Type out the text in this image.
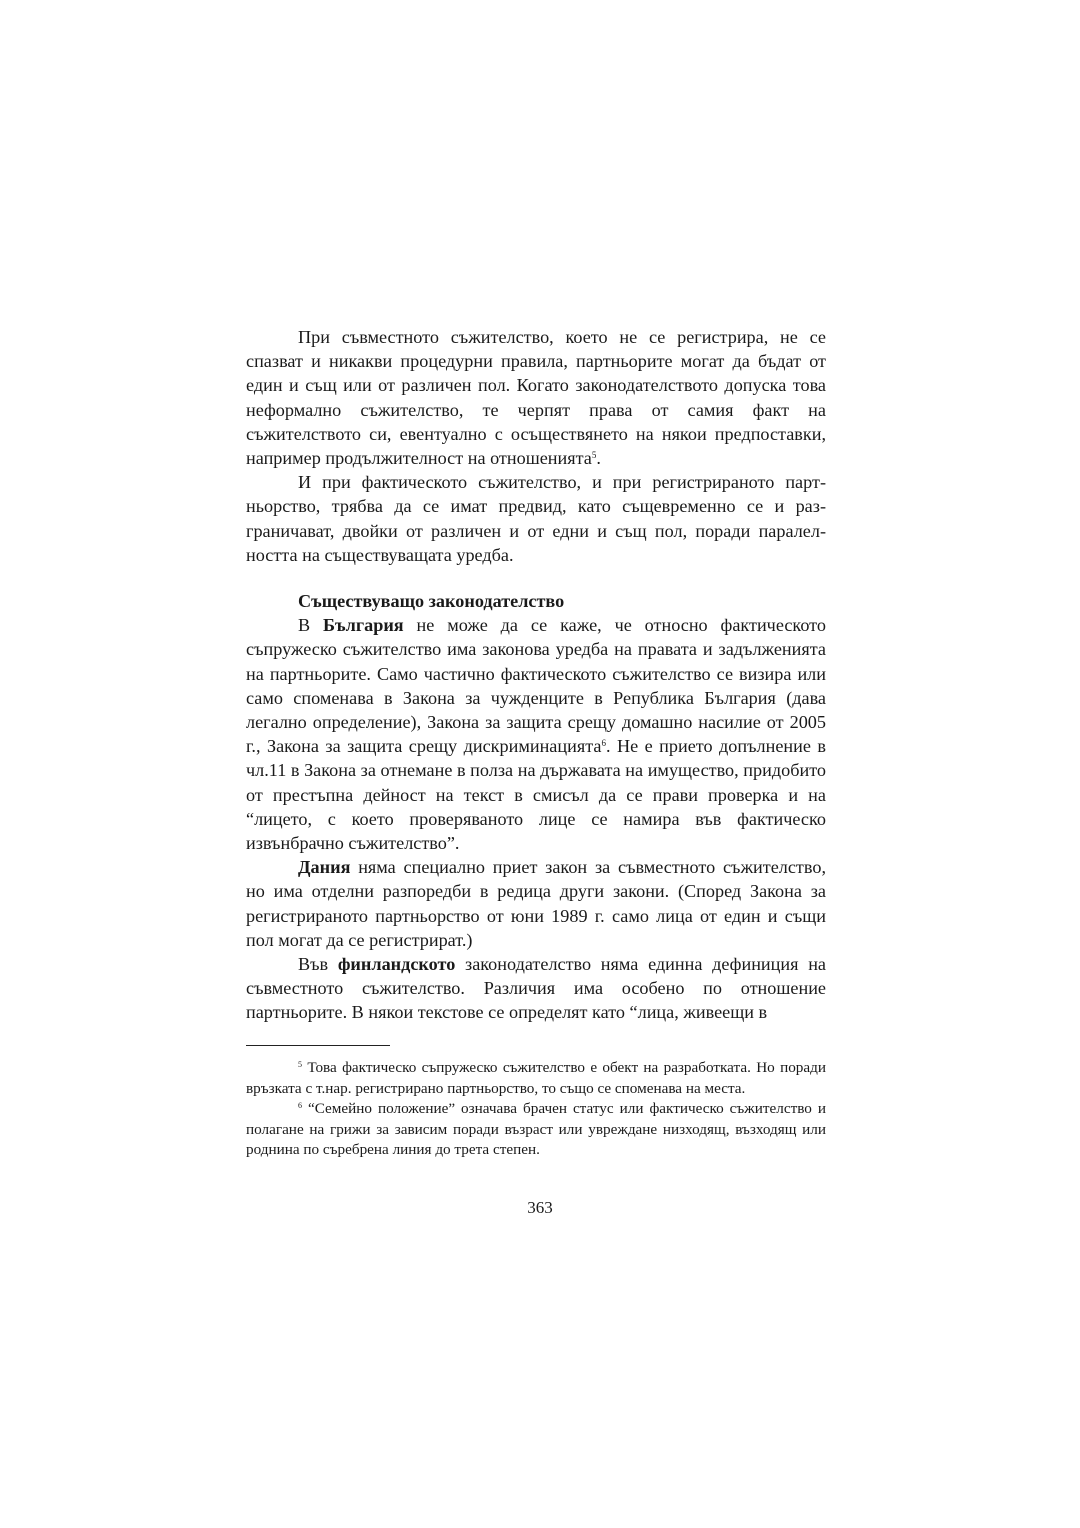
При съвместното съжителство, което не се регистрира, не се спазват и никакви процедурни правила, партньорите могат да бъдат от един и същ или от различен пол. Когато законодателството допуска това неформално съжителство, те черпят права от самия факт на съжителството си, евентуално с осъществянето на някои предпоставки, например продължителност на отношенията$^5$.

И при фактическото съжителство, и при регистрираното партньорство, трябва да се имат предвид, като същевременно се и разграничават, двойки от различен и от едни и същ пол, поради паралелността на съществуващата уредба.

Съществуващо законодателство

В България не може да се каже, че относно фактическото съпружеско съжителство има законова уредба на правата и задълженията на партньорите. Само частично фактическото съжителство се визира или само споменава в Закона за чужденците в Република България (дава легално определение), Закона за защита срещу домашно насилие от 2005 г., Закона за защита срещу дискриминацията$^6$. Не е прието допълнение в чл.11 в Закона за отнемане в полза на държавата на имущество, придобито от престъпна дейност на текст в смисъл да се прави проверка и на “лицето, с което проверяваното лице се намира във фактическо извънбрачно съжителство”.

Дания няма специално приет закон за съвместното съжителство, но има отделни разпоредби в редица други закони. (Според Закона за регистрираното партньорство от юни 1989 г. само лица от един и същи пол могат да се регистрират.)

Във финландското законодателство няма единна дефиниция на съвместното съжителство. Различия има особено по отношение партньорите. В някои текстове се определят като “лица, живеещи в

$^5$ Това фактическо съпружеско съжителство е обект на разработката. Но поради връзката с т.нар. регистрирано партньорство, то също се споменава на места.

$^6$ “Семейно положение” означава брачен статус или фактическо съжителство и полагане на грижи за зависим поради възраст или увреждане низходящ, възходящ или роднина по съребрена линия до трета степен.

363
